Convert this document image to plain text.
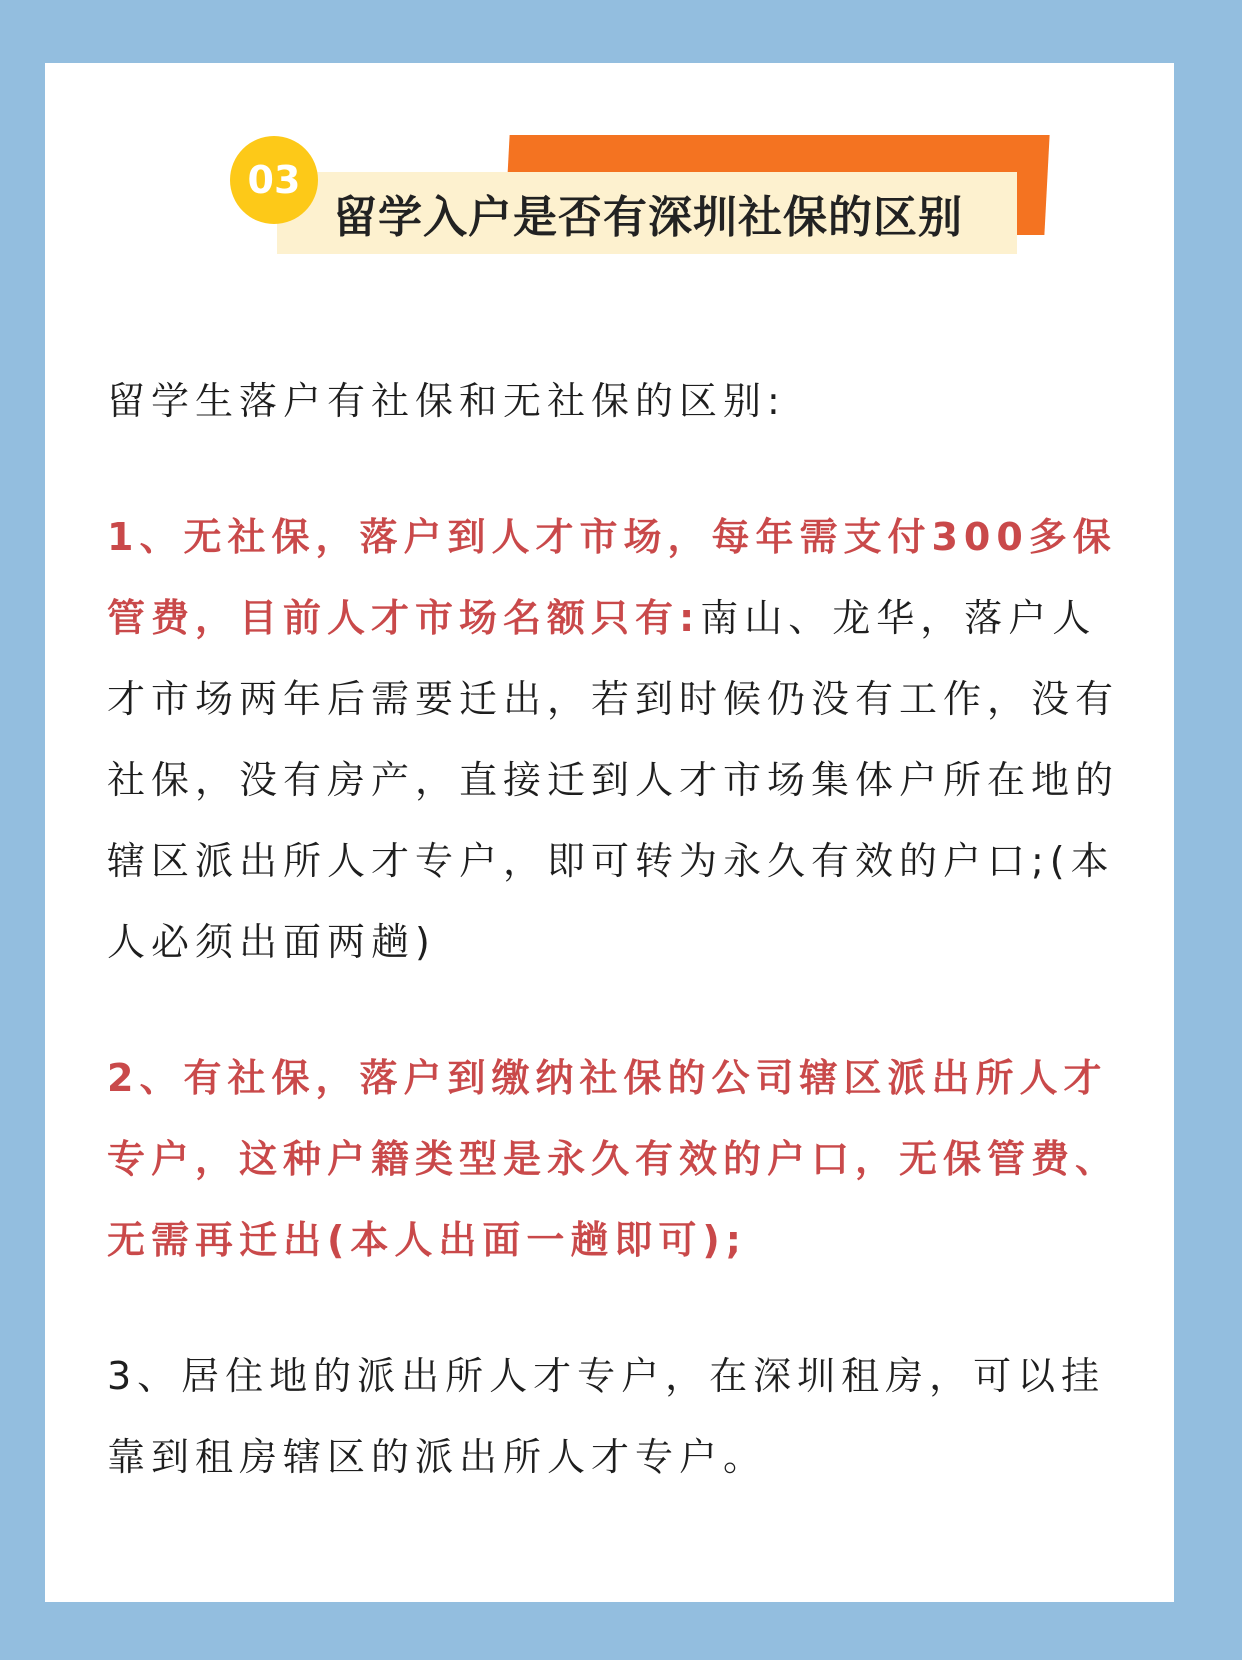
03
留学入户是否有深圳社保的区别

留学生落户有社保和无社保的区别:

1、无社保，落户到人才市场，每年需支付300多保管费，目前人才市场名额只有:南山、龙华，落户人才市场两年后需要迁出，若到时候仍没有工作，没有社保，没有房产，直接迁到人才市场集体户所在地的辖区派出所人才专户，即可转为永久有效的户口;(本人必须出面两趟)

2、有社保，落户到缴纳社保的公司辖区派出所人才专户，这种户籍类型是永久有效的户口，无保管费、无需再迁出(本人出面一趟即可);

3、居住地的派出所人才专户，在深圳租房，可以挂靠到租房辖区的派出所人才专户。
